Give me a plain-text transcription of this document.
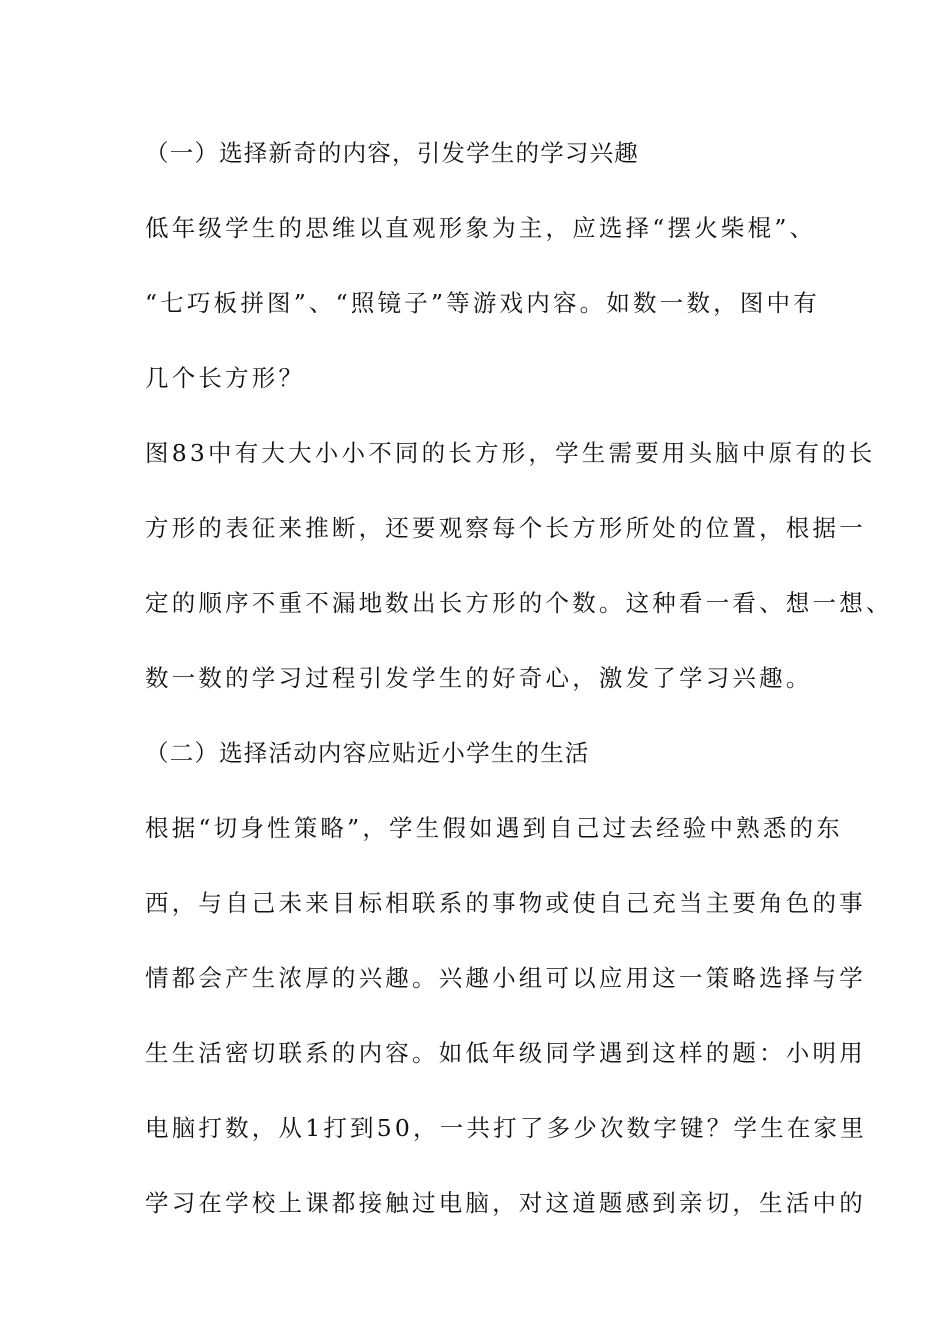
（一）选择新奇的内容，引发学生的学习兴趣
低年级学生的思维以直观形象为主，应选择“摆火柴棍”、
“七巧板拼图”、“照镜子”等游戏内容。如数一数，图中有
几个长方形？
图83中有大大小小不同的长方形，学生需要用头脑中原有的长
方形的表征来推断，还要观察每个长方形所处的位置，根据一
定的顺序不重不漏地数出长方形的个数。这种看一看、想一想、
数一数的学习过程引发学生的好奇心，激发了学习兴趣。
（二）选择活动内容应贴近小学生的生活
根据“切身性策略”，学生假如遇到自己过去经验中熟悉的东
西，与自己未来目标相联系的事物或使自己充当主要角色的事
情都会产生浓厚的兴趣。兴趣小组可以应用这一策略选择与学
生生活密切联系的内容。如低年级同学遇到这样的题：小明用
电脑打数，从1打到50，一共打了多少次数字键？学生在家里
学习在学校上课都接触过电脑，对这道题感到亲切，生活中的
